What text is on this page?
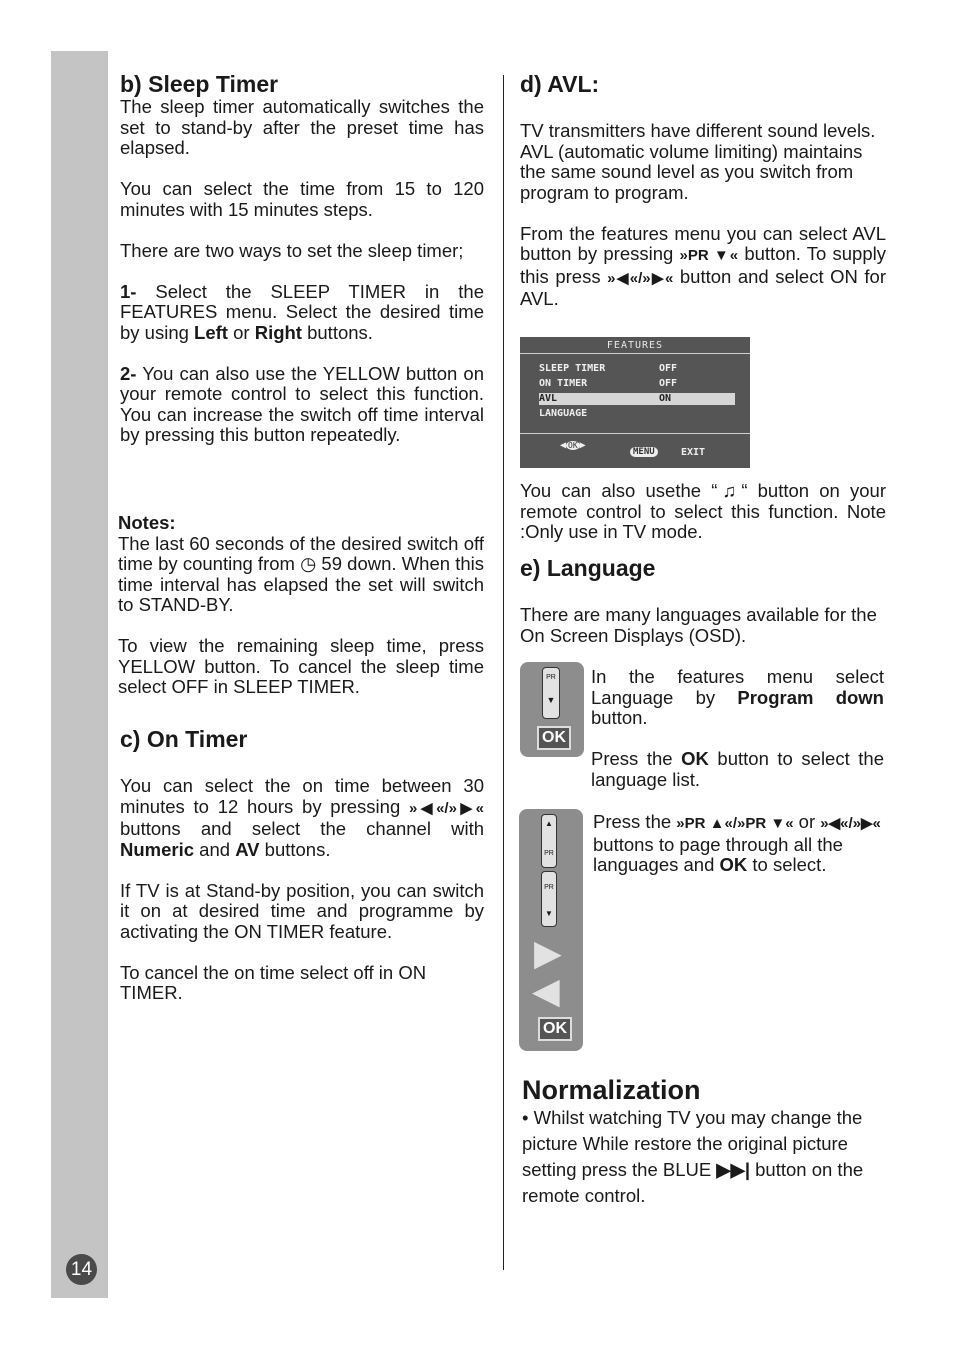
14
b) Sleep Timer

The sleep timer automatically switches the set to stand-by after the preset time has elapsed.

You can select the time from 15 to 120 minutes with 15 minutes steps.

There are two ways to set the sleep timer;

1- Select the SLEEP TIMER in the FEATURES menu. Select the desired time by using Left or Right buttons.

2- You can also use the YELLOW button on your remote control to select this function. You can increase the switch off time interval by pressing this button repeatedly.

Notes:

The last 60 seconds of the desired switch off time by counting from ◷ 59 down. When this time interval has elapsed the set will switch to STAND-BY.

To view the remaining sleep time, press YELLOW button. To cancel the sleep time select OFF in SLEEP TIMER.

c) On Timer

You can select the on time between 30 minutes to 12 hours by pressing »◀«/»▶« buttons and select the channel with Numeric and AV buttons.

If TV is at Stand-by position, you can switch it on at desired time and programme by activating the ON TIMER feature.

To cancel the on time select off in ON TIMER.

d) AVL:

TV transmitters have different sound levels. AVL (automatic volume limiting) maintains the same sound level as you switch from program to program.

From the features menu you can select AVL button by pressing »PR ▼« button. To supply this press »◀«/»▶« button and select ON for AVL.

FEATURES
SLEEP TIMER	OFF
ON TIMER	OFF
AVL	ON
LANGUAGE
◀ OK ▶
MENU	EXIT

You can also usethe “♫“ button on your remote control to select this function. Note :Only use in TV mode.

e) Language

There are many languages available for the On Screen Displays (OSD).

PR
▼
OK

In the features menu select Language by Program down button.

Press the OK button to select the language list.

▲
PR
PR
▼
▶
◀
OK

Press the »PR ▲«/»PR ▼« or »◀«/»▶« buttons to page through all the languages and OK to select.

Normalization

• Whilst watching TV you may change the picture While restore the original picture setting press the BLUE ▶▶| button on the remote control.
